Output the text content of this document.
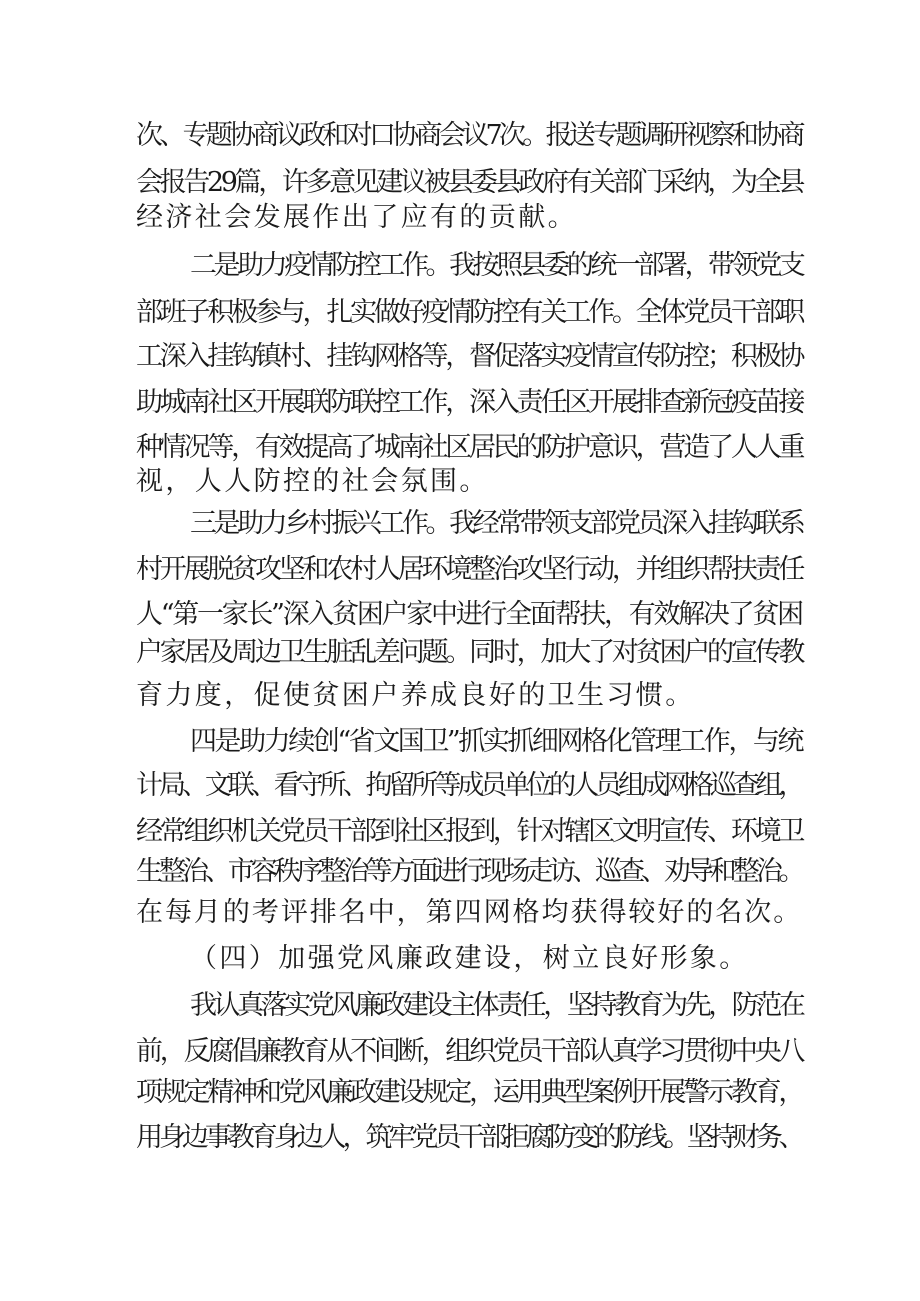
次、专题协商议政和对口协商会议7次。报送专题调研视察和协商
会报告29篇，许多意见建议被县委县政府有关部门采纳，为全县
经济社会发展作出了应有的贡献。
二是助力疫情防控工作。我按照县委的统一部署，带领党支
部班子积极参与，扎实做好疫情防控有关工作。全体党员干部职
工深入挂钩镇村、挂钩网格等，督促落实疫情宣传防控；积极协
助城南社区开展联防联控工作，深入责任区开展排查新冠疫苗接
种情况等，有效提高了城南社区居民的防护意识，营造了人人重
视，人人防控的社会氛围。
三是助力乡村振兴工作。我经常带领支部党员深入挂钩联系
村开展脱贫攻坚和农村人居环境整治攻坚行动，并组织帮扶责任
人“第一家长”深入贫困户家中进行全面帮扶，有效解决了贫困
户家居及周边卫生脏乱差问题。同时，加大了对贫困户的宣传教
育力度，促使贫困户养成良好的卫生习惯。
四是助力续创“省文国卫”抓实抓细网格化管理工作，与统
计局、文联、看守所、拘留所等成员单位的人员组成网格巡查组，
经常组织机关党员干部到社区报到，针对辖区文明宣传、环境卫
生整治、市容秩序整治等方面进行现场走访、巡查、劝导和整治。
在每月的考评排名中，第四网格均获得较好的名次。
（四）加强党风廉政建设，树立良好形象。
我认真落实党风廉政建设主体责任，坚持教育为先，防范在
前，反腐倡廉教育从不间断，组织党员干部认真学习贯彻中央八
项规定精神和党风廉政建设规定，运用典型案例开展警示教育，
用身边事教育身边人，筑牢党员干部拒腐防变的防线。坚持财务、
